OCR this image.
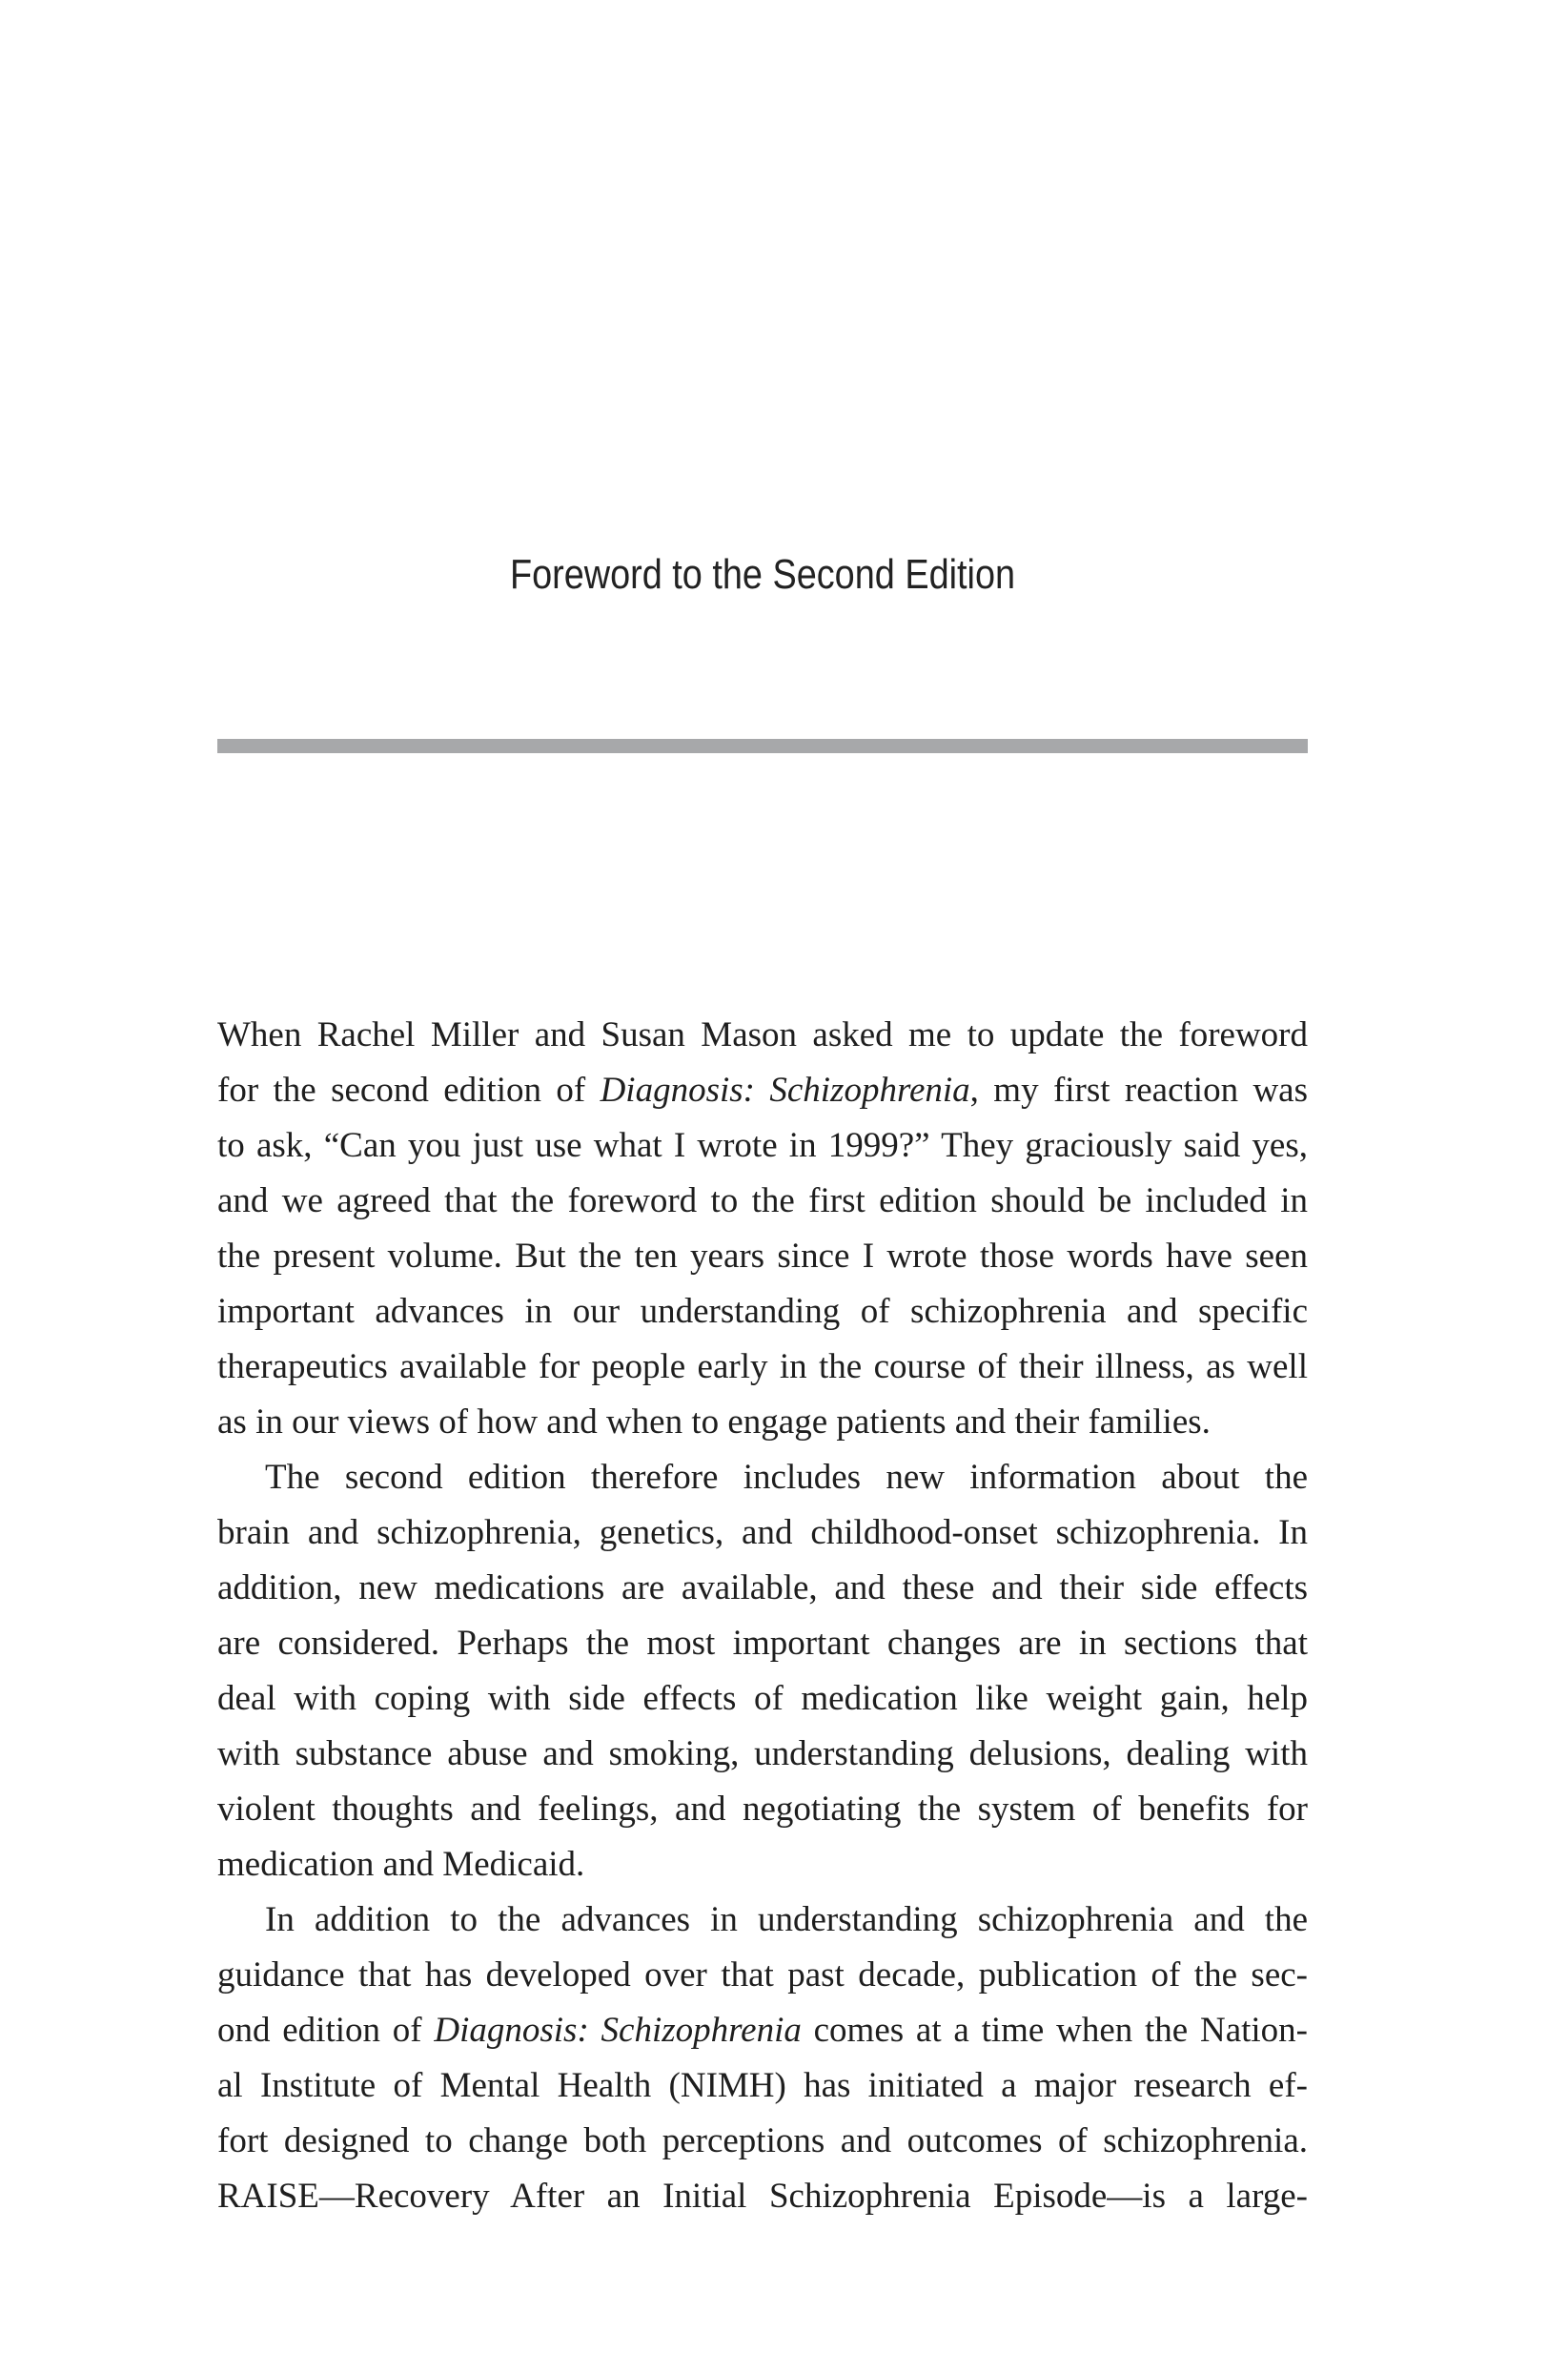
Foreword to the Second Edition
When Rachel Miller and Susan Mason asked me to update the foreword
for the second edition of Diagnosis: Schizophrenia, my first reaction was
to ask, “Can you just use what I wrote in 1999?” They graciously said yes,
and we agreed that the foreword to the first edition should be included in
the present volume. But the ten years since I wrote those words have seen
important advances in our understanding of schizophrenia and specific
therapeutics available for people early in the course of their illness, as well
as in our views of how and when to engage patients and their families.
The second edition therefore includes new information about the
brain and schizophrenia, genetics, and childhood-onset schizophrenia. In
addition, new medications are available, and these and their side effects
are considered. Perhaps the most important changes are in sections that
deal with coping with side effects of medication like weight gain, help
with substance abuse and smoking, understanding delusions, dealing with
violent thoughts and feelings, and negotiating the system of benefits for
medication and Medicaid.
In addition to the advances in understanding schizophrenia and the
guidance that has developed over that past decade, publication of the sec-
ond edition of Diagnosis: Schizophrenia comes at a time when the Nation-
al Institute of Mental Health (NIMH) has initiated a major research ef-
fort designed to change both perceptions and outcomes of schizophrenia.
RAISE—Recovery After an Initial Schizophrenia Episode—is a large-
